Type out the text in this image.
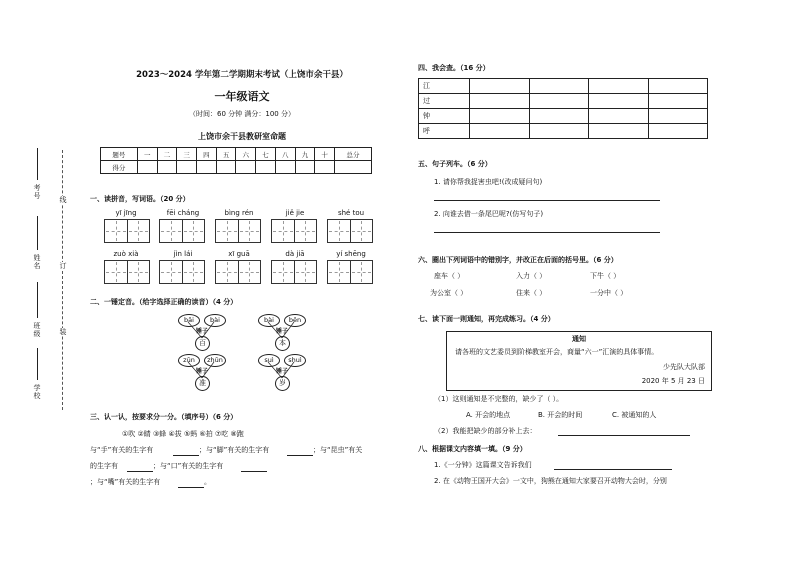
考号
姓名
班级
学校
线
订
装
2023～2024 学年第二学期期末考试（上饶市余干县）
一年级语文
（时间：60 分钟 满分：100 分）
上饶市余干县教研室命题
题号	一	二	三	四	五	六	七	八	九	十	总分
得分											
一、读拼音，写词语。（20 分）
yī jīng	fēi cháng	bìng rén	jiě jie	shé tou
zuò xià	jìn lái	xī guā	dà jiā	yí shēng
二、一锤定音。（给字选择正确的读音）（4 分）
bāi	bài
锤子
百
bài	běn
锤子
本
zūn	zhūn
锤子
准
suì	shuì
锤子
岁
三、认一认，按要求分一分。（填序号）（6 分）
①吹 ②睛 ③蜂 ④拔 ⑤蚂 ⑥拍 ⑦吃 ⑧跑
与“手”有关的生字有	；与“脚”有关的生字有	；与“昆虫”有关
的生字有	；与“口”有关的生字有
；与“嘴”有关的生字有	。
四、我会查。（16 分）
江				
过				
钟				
呼				
五、句子列车。（6 分）
1. 请你帮我捉害虫吧!(改成疑问句)
2. 向谁去借一条尾巴呢?(仿写句子)
六、圈出下列词语中的错别字，并改正在后面的括号里。（6 分）
座车（ ）	入力（ ）	下牛（ ）
为公室（ ）	住来（ ）	一分中（ ）
七、读下面一则通知，再完成练习。（4 分）
通知
请各班的文艺委员到阶梯教室开会，商量“六一”汇演的具体事情。
少先队大队部
2020 年 5 月 23 日
（1）这则通知是不完整的，缺少了（ ）。
A. 开会的地点	B. 开会的时间	C. 被通知的人
（2）我能把缺少的部分补上去：
八、根据课文内容填一填。（9 分）
1.《一分钟》这篇课文告诉我们
2. 在《动物王国开大会》一文中，狗熊在通知大家要召开动物大会时，分别
